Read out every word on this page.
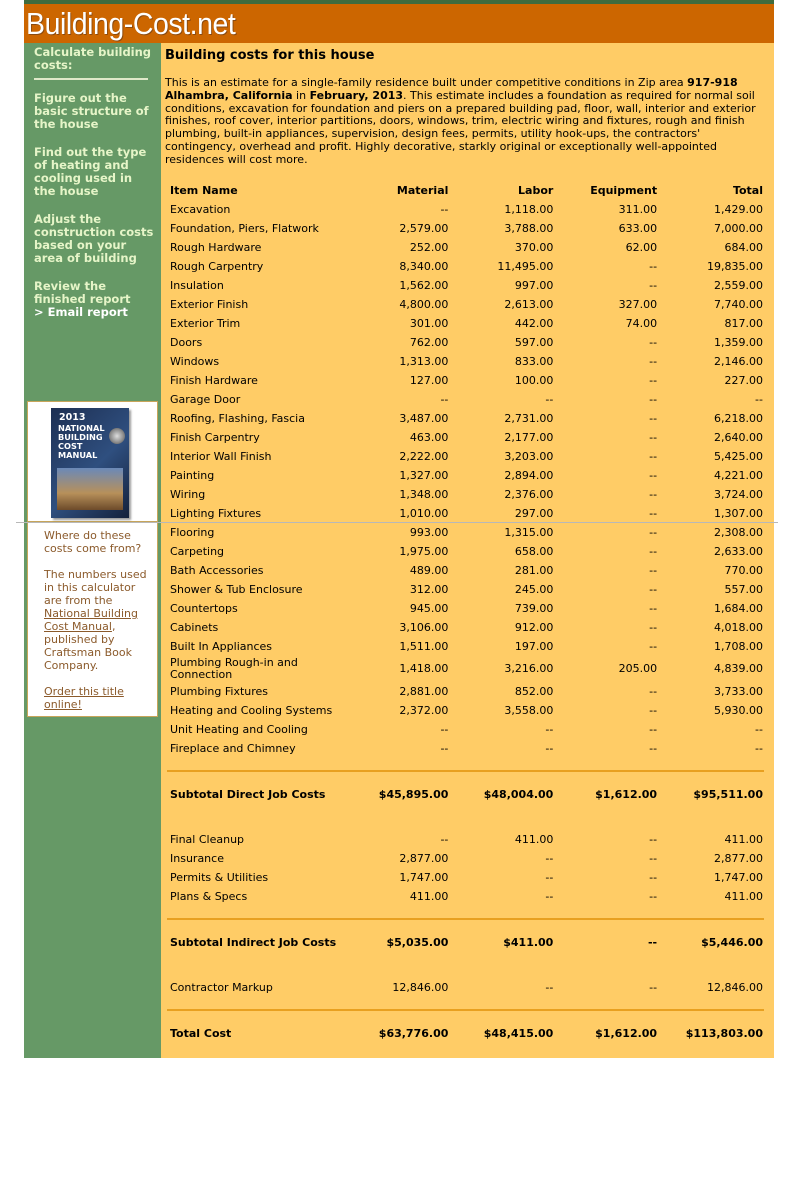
Building-Cost.net
Calculate building costs:
Figure out the basic structure of the house
Find out the type of heating and cooling used in the house
Adjust the construction costs based on your area of building
Review the finished report
> Email report
2013
NATIONAL BUILDING COST MANUAL

Where do these costs come from?

The numbers used in this calculator are from the National Building Cost Manual, published by Craftsman Book Company.

Order this title online!

Building costs for this house
This is an estimate for a single-family residence built under competitive conditions in Zip area 917-918 Alhambra, California in February, 2013. This estimate includes a foundation as required for normal soil conditions, excavation for foundation and piers on a prepared building pad, floor, wall, interior and exterior finishes, roof cover, interior partitions, doors, windows, trim, electric wiring and fixtures, rough and finish plumbing, built-in appliances, supervision, design fees, permits, utility hook-ups, the contractors' contingency, overhead and profit. Highly decorative, starkly original or exceptionally well-appointed residences will cost more.
Item Name	Material	Labor	Equipment	Total
Excavation	--	1,118.00	311.00	1,429.00
Foundation, Piers, Flatwork	2,579.00	3,788.00	633.00	7,000.00
Rough Hardware	252.00	370.00	62.00	684.00
Rough Carpentry	8,340.00	11,495.00	--	19,835.00
Insulation	1,562.00	997.00	--	2,559.00
Exterior Finish	4,800.00	2,613.00	327.00	7,740.00
Exterior Trim	301.00	442.00	74.00	817.00
Doors	762.00	597.00	--	1,359.00
Windows	1,313.00	833.00	--	2,146.00
Finish Hardware	127.00	100.00	--	227.00
Garage Door	--	--	--	--
Roofing, Flashing, Fascia	3,487.00	2,731.00	--	6,218.00
Finish Carpentry	463.00	2,177.00	--	2,640.00
Interior Wall Finish	2,222.00	3,203.00	--	5,425.00
Painting	1,327.00	2,894.00	--	4,221.00
Wiring	1,348.00	2,376.00	--	3,724.00
Lighting Fixtures	1,010.00	297.00	--	1,307.00
Flooring	993.00	1,315.00	--	2,308.00
Carpeting	1,975.00	658.00	--	2,633.00
Bath Accessories	489.00	281.00	--	770.00
Shower & Tub Enclosure	312.00	245.00	--	557.00
Countertops	945.00	739.00	--	1,684.00
Cabinets	3,106.00	912.00	--	4,018.00
Built In Appliances	1,511.00	197.00	--	1,708.00
Plumbing Rough-in and Connection	1,418.00	3,216.00	205.00	4,839.00
Plumbing Fixtures	2,881.00	852.00	--	3,733.00
Heating and Cooling Systems	2,372.00	3,558.00	--	5,930.00
Unit Heating and Cooling	--	--	--	--
Fireplace and Chimney	--	--	--	--

Subtotal Direct Job Costs	$45,895.00	$48,004.00	$1,612.00	$95,511.00

Final Cleanup	--	411.00	--	411.00
Insurance	2,877.00	--	--	2,877.00
Permits & Utilities	1,747.00	--	--	1,747.00
Plans & Specs	411.00	--	--	411.00

Subtotal Indirect Job Costs	$5,035.00	$411.00	--	$5,446.00

Contractor Markup	12,846.00	--	--	12,846.00

Total Cost	$63,776.00	$48,415.00	$1,612.00	$113,803.00
